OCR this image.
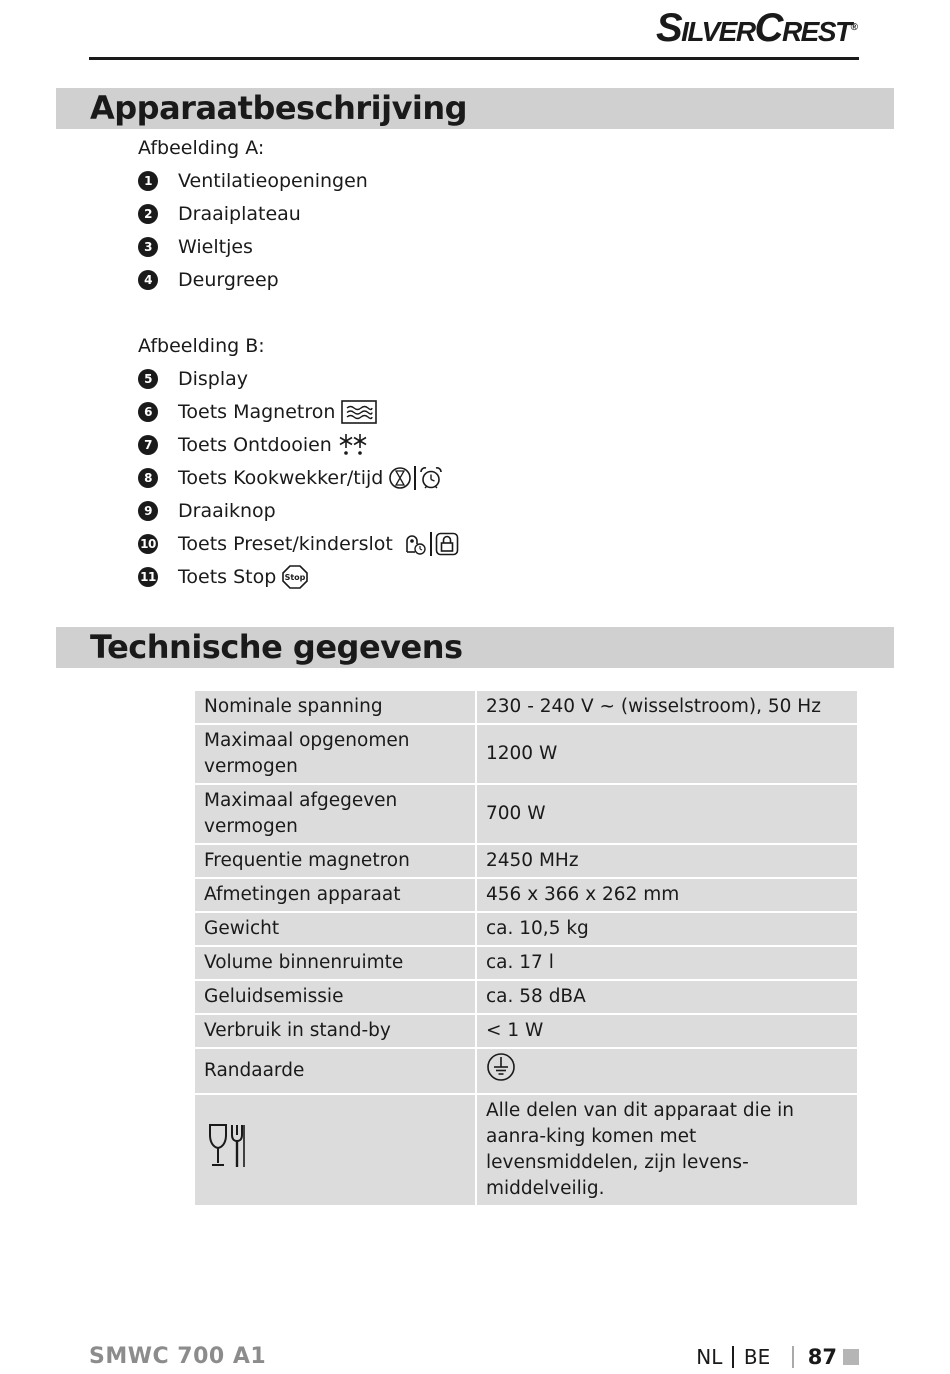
SilverCrest®
Apparaatbeschrijving
Afbeelding A:
1	Ventilatieopeningen
2	Draaiplateau
3	Wieltjes
4	Deurgreep
Afbeelding B:
5	Display
6	Toets Magnetron
7	Toets Ontdooien
8	Toets Kookwekker/tijd
9	Draaiknop
10 Toets Preset/kinderslot
11 Toets Stop Stop
Technische gegevens
Nominale spanning	230 - 240 V ~ (wisselstroom), 50 Hz
Maximaal opgenomen vermogen	1200 W
Maximaal afgegeven vermogen	700 W
Frequentie magnetron	2450 MHz
Afmetingen apparaat	456 x 366 x 262 mm
Gewicht	ca. 10,5 kg
Volume binnenruimte	ca. 17 l
Geluidsemissie	ca. 58 dBA
Verbruik in stand-by	< 1 W
Randaarde	
	Alle delen van dit apparaat die in aanra-king komen met levensmiddelen, zijn levens-middelveilig.
SMWC 700 A1	NL BE 87
